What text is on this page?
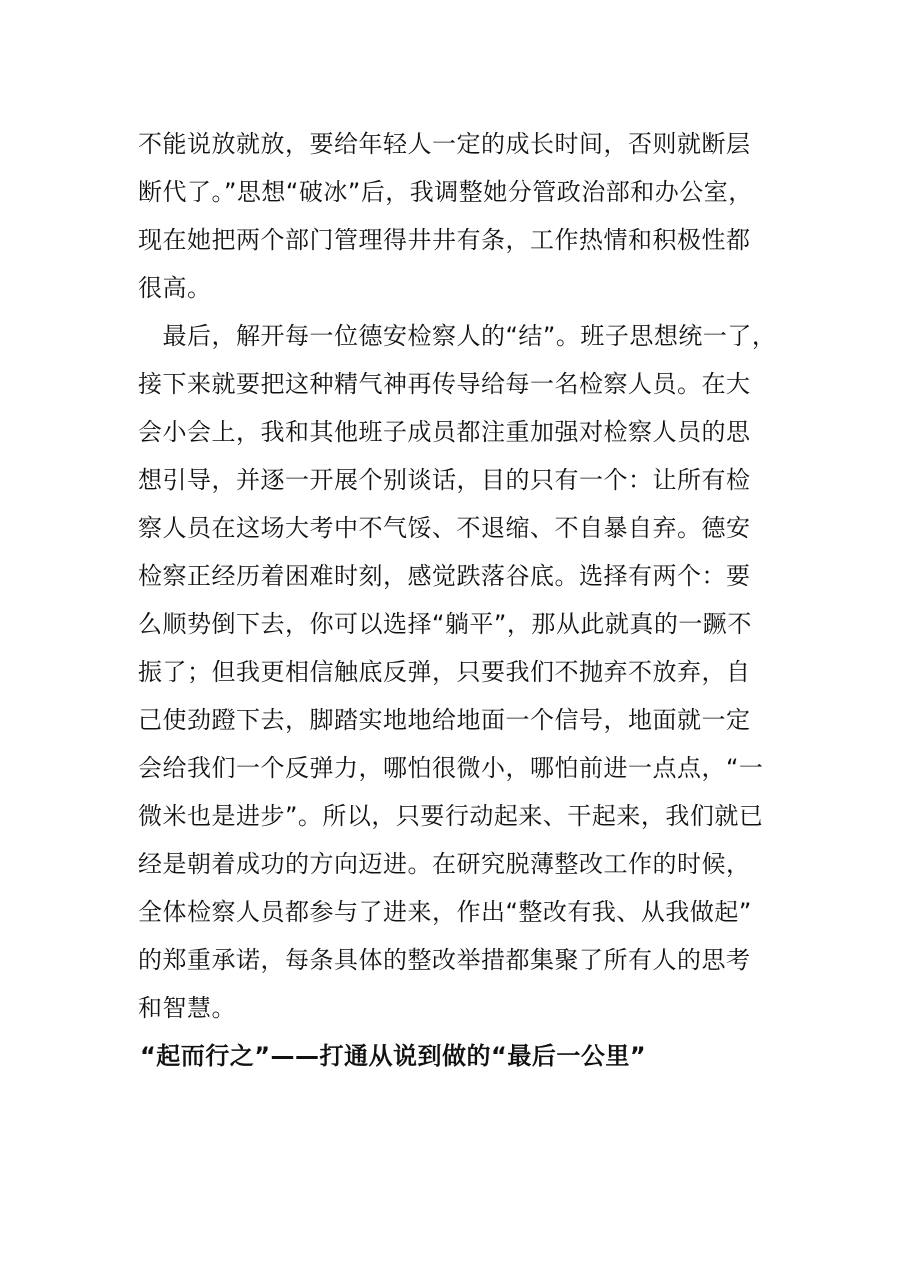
不能说放就放，要给年轻人一定的成长时间，否则就断层

断代了。”思想“破冰”后，我调整她分管政治部和办公室，

现在她把两个部门管理得井井有条，工作热情和积极性都

很高。

　最后，解开每一位德安检察人的“结”。班子思想统一了，

接下来就要把这种精气神再传导给每一名检察人员。在大

会小会上，我和其他班子成员都注重加强对检察人员的思

想引导，并逐一开展个别谈话，目的只有一个：让所有检

察人员在这场大考中不气馁、不退缩、不自暴自弃。德安

检察正经历着困难时刻，感觉跌落谷底。选择有两个：要

么顺势倒下去，你可以选择“躺平”，那从此就真的一蹶不

振了；但我更相信触底反弹，只要我们不抛弃不放弃，自

己使劲蹬下去，脚踏实地地给地面一个信号，地面就一定

会给我们一个反弹力，哪怕很微小，哪怕前进一点点，“一

微米也是进步”。所以，只要行动起来、干起来，我们就已

经是朝着成功的方向迈进。在研究脱薄整改工作的时候，

全体检察人员都参与了进来，作出“整改有我、从我做起”

的郑重承诺，每条具体的整改举措都集聚了所有人的思考

和智慧。

“起而行之”——打通从说到做的“最后一公里”
